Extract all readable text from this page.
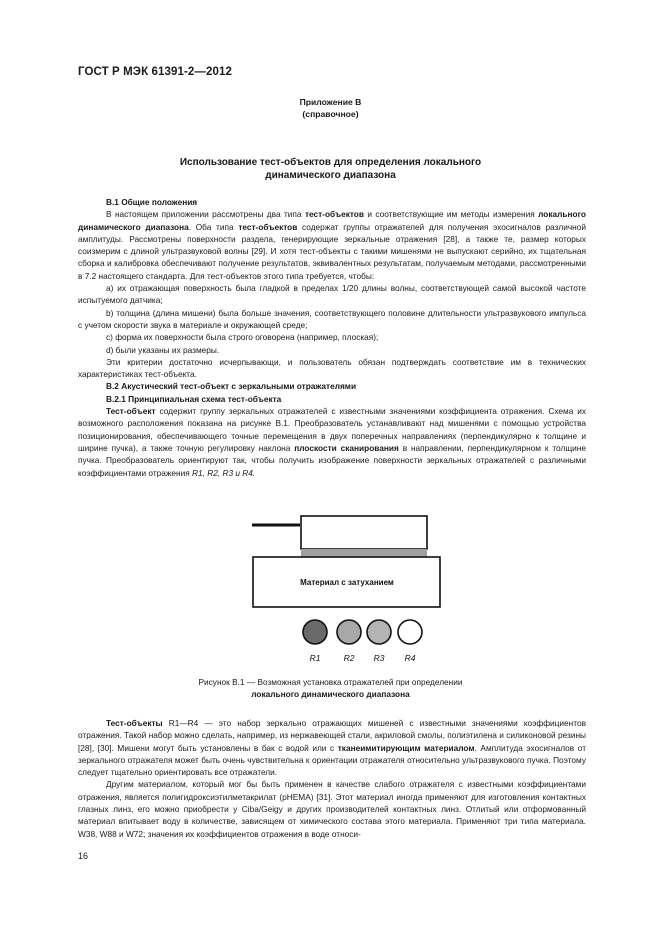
ГОСТ Р МЭК 61391-2—2012
Приложение В
(справочное)
Использование тест-объектов для определения локального
динамического диапазона

В.1 Общие положения

В настоящем приложении рассмотрены два типа тест-объектов и соответствующие им методы измерения локального динамического диапазона. Оба типа тест-объектов содержат группы отражателей для получения эхосигналов различной амплитуды. Рассмотрены поверхности раздела, генерирующие зеркальные отражения [28], а также те, размер которых соизмерим с длиной ультразвуковой волны [29]. И хотя тест-объекты с такими мишенями не выпускают серийно, их тщательная сборка и калибровка обеспечивают получение результатов, эквивалентных результатам, получаемым методами, рассмотренными в 7.2 настоящего стандарта. Для тест-объектов этого типа требуется, чтобы:

a) их отражающая поверхность была гладкой в пределах 1/20 длины волны, соответствующей самой высокой частоте испытуемого датчика;

b) толщина (длина мишени) была больше значения, соответствующего половине длительности ультразвукового импульса с учетом скорости звука в материале и окружающей среде;

c) форма их поверхности была строго оговорена (например, плоская);

d) были указаны их размеры.

Эти критерии достаточно исчерпывающи, и пользователь обязан подтверждать соответствие им в технических характеристиках тест-объекта.

В.2 Акустический тест-объект с зеркальными отражателями

В.2.1 Принципиальная схема тест-объекта

Тест-объект содержит группу зеркальных отражателей с известными значениями коэффициента отражения. Схема их возможного расположения показана на рисунке В.1. Преобразователь устанавливают над мишенями с помощью устройства позиционирования, обеспечивающего точные перемещения в двух поперечных направлениях (перпендикулярно к толщине и ширине пучка), а также точную регулировку наклона плоскости сканирования в направлении, перпендикулярном к толщине пучка. Преобразователь ориентируют так, чтобы получить изображение поверхности зеркальных отражателей с различными коэффициентами отражения R1, R2, R3 и R4.

Материал с затуханием
R1	R2 R3 R4
Рисунок В.1 — Возможная установка отражателей при определении
локального динамического диапазона

Тест-объекты R1—R4 — это набор зеркально отражающих мишеней с известными значениями коэффициентов отражения. Такой набор можно сделать, например, из нержавеющей стали, акриловой смолы, полиэтилена и силиконовой резины [28], [30]. Мишени могут быть установлены в бак с водой или с тканеимитирующим материалом. Амплитуда эхосигналов от зеркального отражателя может быть очень чувствительна к ориентации отражателя относительно ультразвукового пучка. Поэтому следует тщательно ориентировать все отражатели.

Другим материалом, который мог бы быть применен в качестве слабого отражателя с известными коэффициентами отражения, является полигидроксиэтилметакрилат (pHEMA) [31]. Этот материал иногда применяют для изготовления контактных глазных линз, его можно приобрести у Ciba/Geigy и других производителей контактных линз. Отлитый или отформованный материал впитывает воду в количестве, зависящем от химического состава этого материала. Применяют три типа материала. W38, W88 и W72; значения их коэффициентов отражения в воде относи-

16
